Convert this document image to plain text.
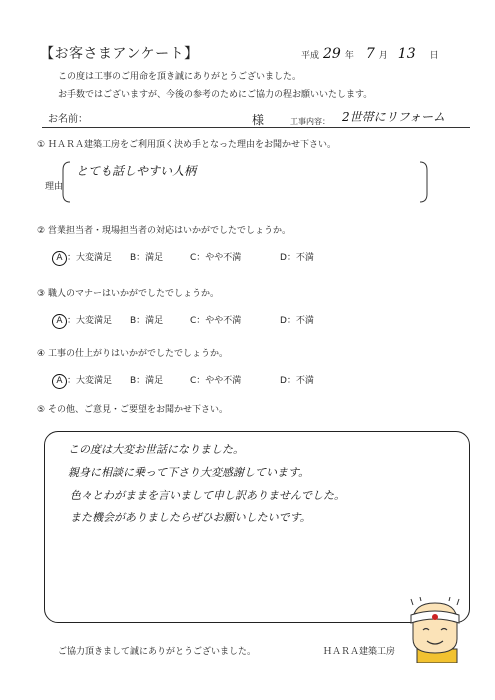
【お客さまアンケート】	平成 29 年 7 月 13 日
この度は工事のご用命を頂き誠にありがとうございました。
お手数ではございますが、今後の参考のためにご協力の程お願いいたします。
お名前：	様	工事内容： 2世帯にリフォーム
① ＨＡＲＡ建築工房をご利用頂く決め手となった理由をお聞かせ下さい。
理由
とても話しやすい人柄
② 営業担当者・現場担当者の対応はいかがでしたでしょうか。
A ：大変満足	B：満足	C：やや不満	D：不満
③ 職人のマナーはいかがでしたでしょうか。
A ：大変満足	B：満足	C：やや不満	D：不満
④ 工事の仕上がりはいかがでしたでしょうか。
A ：大変満足	B：満足	C：やや不満	D：不満
⑤ その他、ご意見・ご要望をお聞かせ下さい。
この度は大変お世話になりました。
親身に相談に乗って下さり大変感謝しています。
色々とわがままを言いまして申し訳ありませんでした。
また機会がありましたらぜひお願いしたいです。
ご協力頂きまして誠にありがとうございました。	ＨＡＲＡ建築工房
